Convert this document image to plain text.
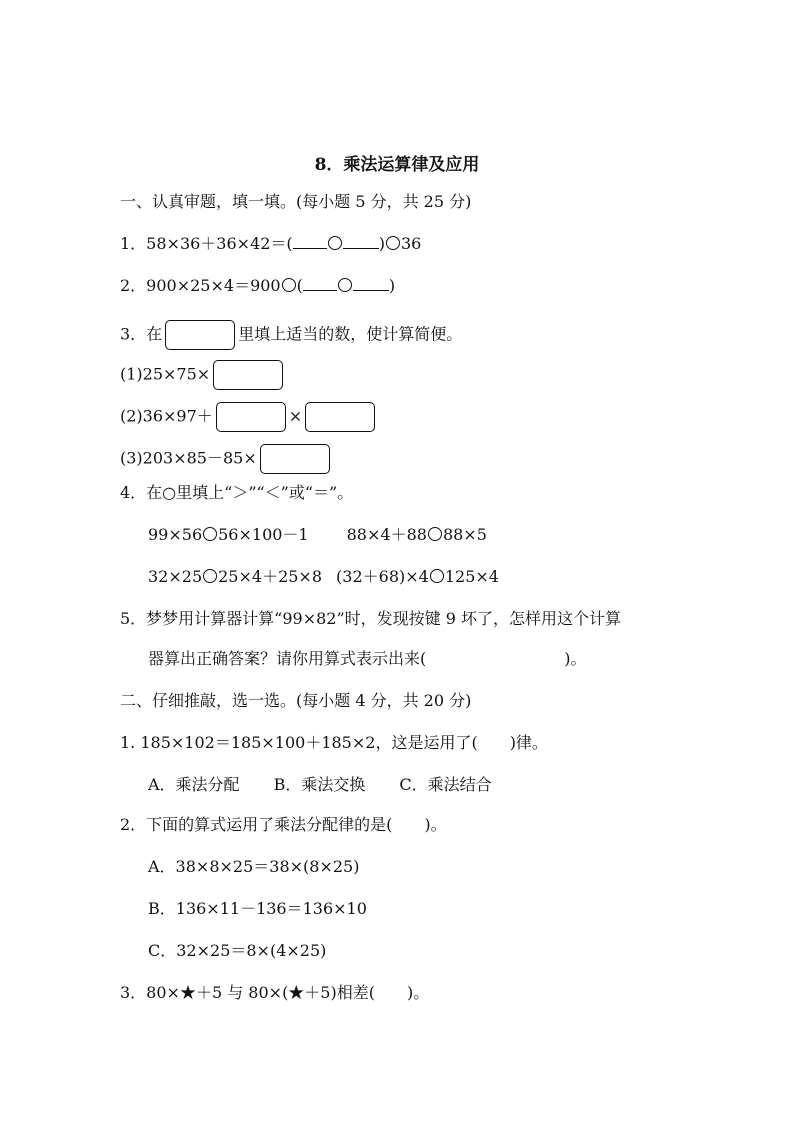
8．乘法运算律及应用
一、认真审题，填一填。(每小题 5 分，共 25 分)
1．58×36＋36×42＝(	) 36
2．900×25×4＝900 (	)
3．在	里填上适当的数，使计算简便。
(1)25×75×
(2)36×97＋	×
(3)203×85－85×
4．在○里填上“＞”“＜”或“＝”。
99×56 56×100－1 88×4＋88 88×5
32×25 25×4＋25×8 (32＋68)×4 125×4
5．梦梦用计算器计算“99×82”时，发现按键 9 坏了，怎样用这个计算
器算出正确答案？请你用算式表示出来(	)。
二、仔细推敲，选一选。(每小题 4 分，共 20 分)
1. 185×102＝185×100＋185×2，这是运用了(　　)律。
A．乘法分配 B．乘法交换 C．乘法结合
2．下面的算式运用了乘法分配律的是(　　)。
A．38×8×25＝38×(8×25)
B．136×11－136＝136×10
C．32×25＝8×(4×25)
3．80×★＋5 与 80×(★＋5)相差(　　)。
